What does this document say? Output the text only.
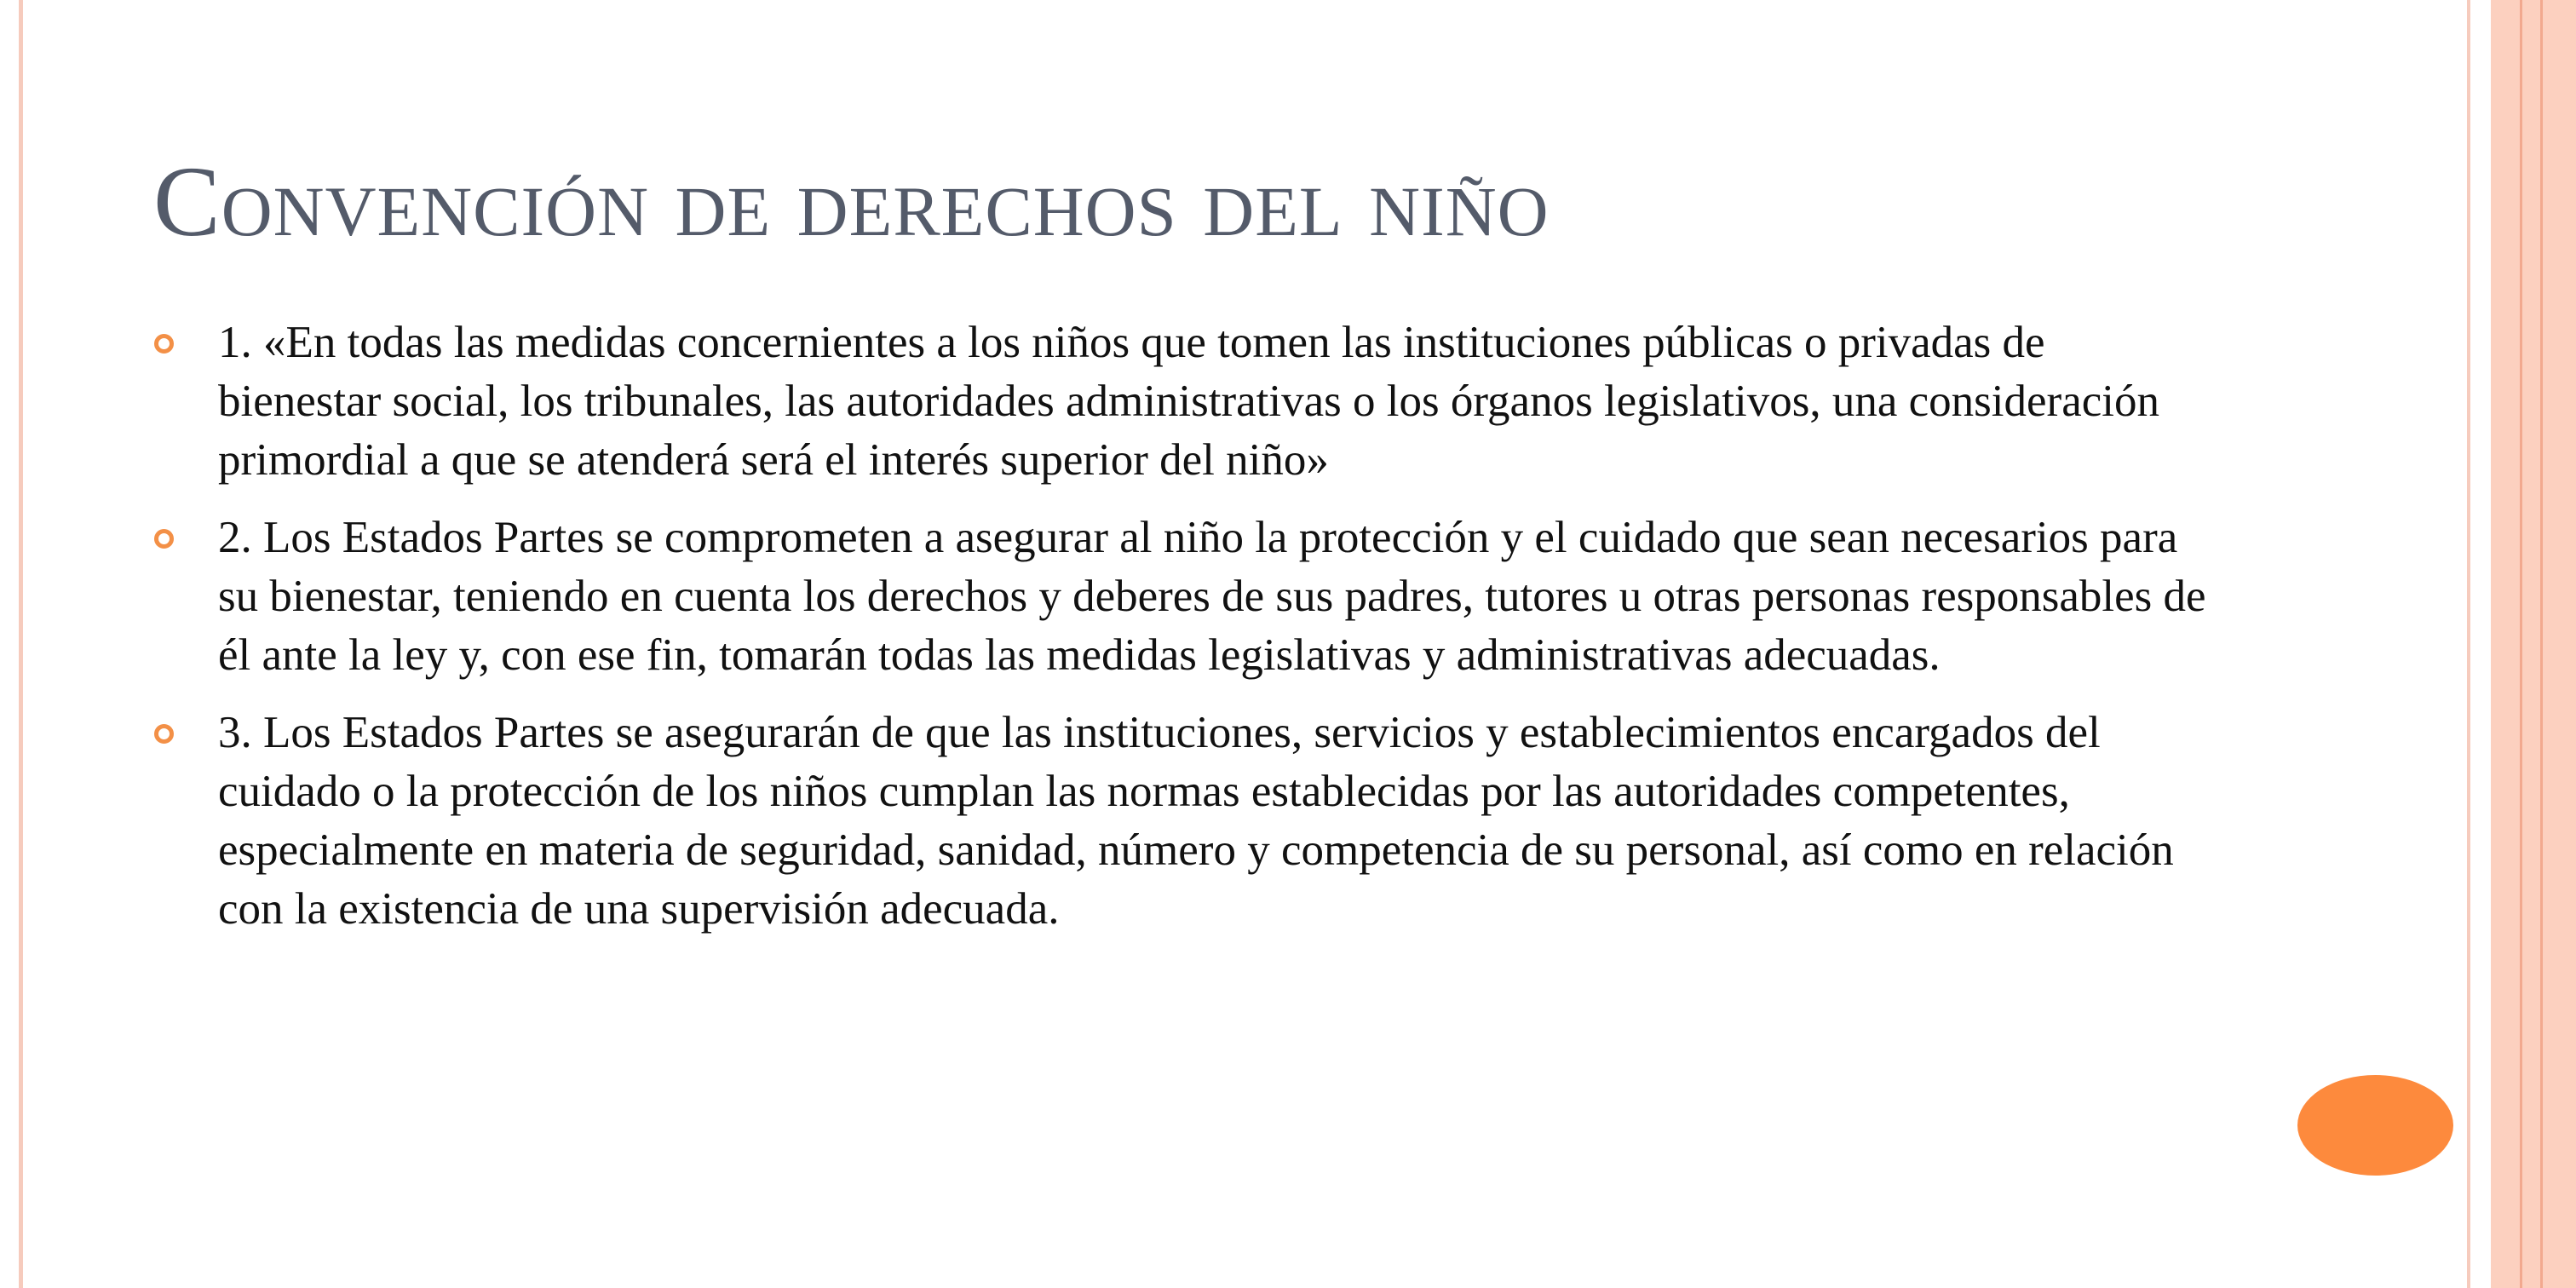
Convención de derechos del niño
1. «En todas las medidas concernientes a los niños que tomen las instituciones públicas o privadas de bienestar social, los tribunales, las autoridades administrativas o los órganos legislativos, una consideración primordial a que se atenderá será el interés superior del niño»
2. Los Estados Partes se comprometen a asegurar al niño la protección y el cuidado que sean necesarios para su bienestar, teniendo en cuenta los derechos y deberes de sus padres, tutores u otras personas responsables de él ante la ley y, con ese fin, tomarán todas las medidas legislativas y administrativas adecuadas.
3. Los Estados Partes se asegurarán de que las instituciones, servicios y establecimientos encargados del cuidado o la protección de los niños cumplan las normas establecidas por las autoridades competentes, especialmente en materia de seguridad, sanidad, número y competencia de su personal, así como en relación con la existencia de una supervisión adecuada.
